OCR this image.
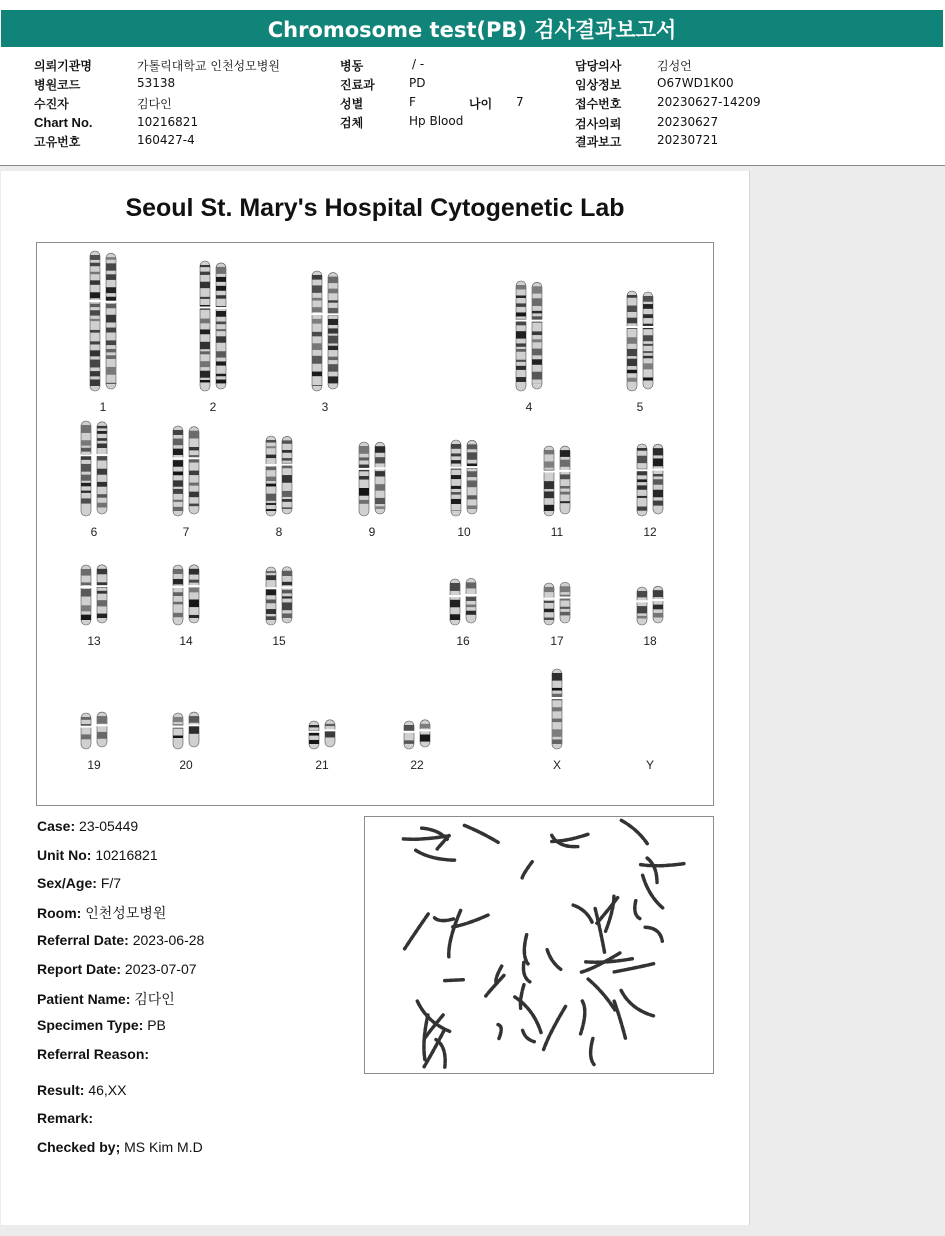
Chromosome test(PB) 검사결과보고서
의뢰기관명	가톨릭대학교 인천성모병원
병원코드	53138
수진자	김다인
Chart No.	10216821
고유번호	160427-4
병동	/ -
진료과	PD
성별	F	나이 7
검체	Hp Blood
담당의사	김성언
임상정보	O67WD1K00
접수번호	20230627-14209
검사의뢰	20230627
결과보고	20230721
Seoul St. Mary's Hospital Cytogenetic Lab
1	2	3	4	5
6	7	8	9	10	11	12
13	14	15	16	17	18
19	20	21	22	X	Y
Case: 23-05449
Unit No: 10216821
Sex/Age: F/7
Room: 인천성모병원
Referral Date: 2023-06-28
Report Date: 2023-07-07
Patient Name: 김다인
Specimen Type: PB
Referral Reason:
Result: 46,XX
Remark:
Checked by; MS Kim M.D
